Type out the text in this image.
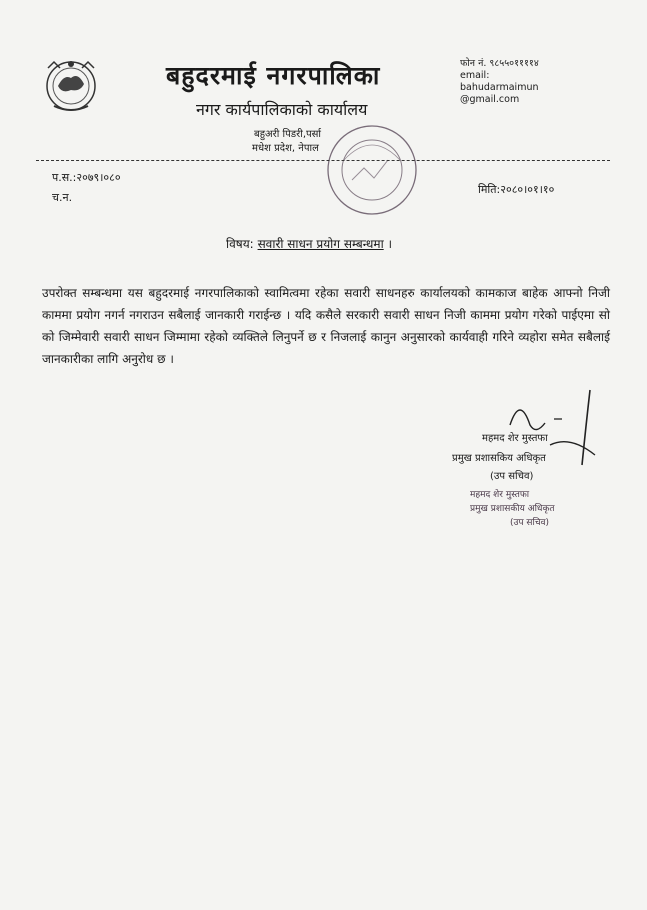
बहुदरमाई नगरपालिका
नगर कार्यपालिकाको कार्यालय
बहुअरी पिडरी,पर्सा
मधेश प्रदेश, नेपाल
फोन नं. ९८५५०११११४
email:
bahudarmaimun
@gmail.com
प.स.:२०७९।०८०
च.न.
मिति:२०८०।०१।१०
विषय: सवारी साधन प्रयोग सम्बन्धमा ।
उपरोक्त सम्बन्धमा यस बहुदरमाई नगरपालिकाको स्वामित्वमा रहेका सवारी साधनहरु कार्यालयको कामकाज बाहेक आफ्नो निजी काममा प्रयोग नगर्न नगराउन सबैलाई जानकारी गराईन्छ । यदि कसैले सरकारी सवारी साधन निजी काममा प्रयोग गरेको पाईएमा सो को जिम्मेवारी सवारी साधन जिम्मामा रहेको व्यक्तिले लिनुपर्ने छ र निजलाई कानुन अनुसारको कार्यवाही गरिने व्यहोरा समेत सबैलाई जानकारीका लागि अनुरोध छ ।
महमद शेर मुस्तफा
प्रमुख प्रशासकिय अधिकृत
(उप सचिव)
महमद शेर मुस्तफा
प्रमुख प्रशासकीय अधिकृत
(उप सचिव)
